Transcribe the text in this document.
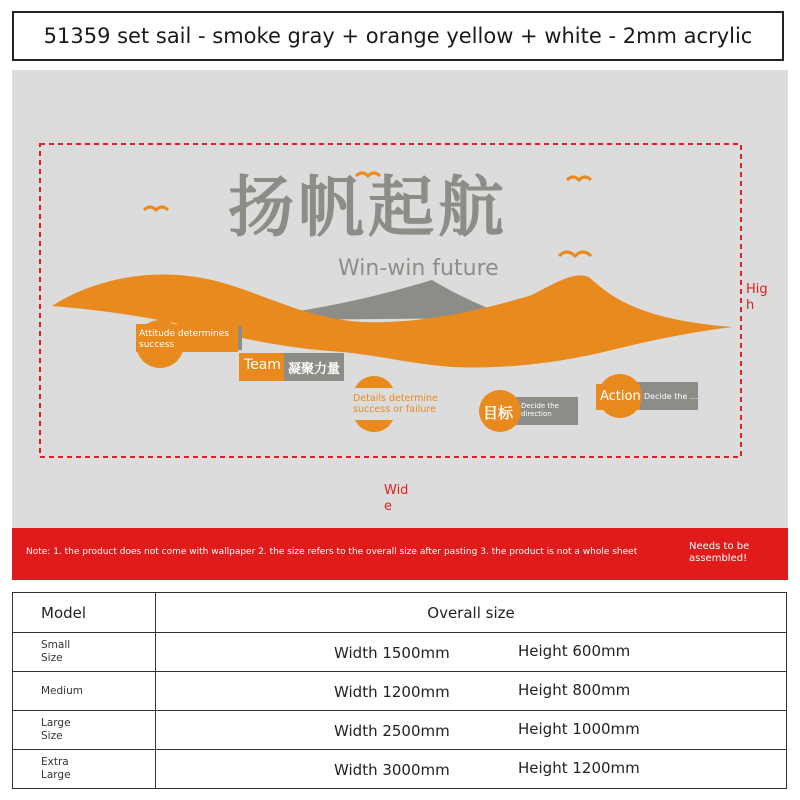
51359 set sail - smoke gray + orange yellow + white - 2mm acrylic
扬帆起航
Win-win future
Attitude determines success
Team 凝聚力量
Details determine success or failure	目标 Decide the direction
Action Decide the ...
High
Wide
Note: 1. the product does not come with wallpaper 2. the size refers to the overall size after pasting 3. the product is not a whole sheet	Needs to be assembled!
Model	Overall size

Small Size	Width 1500mm Height 600mm

Medium	Width 1200mm Height 800mm

Large Size	Width 2500mm Height 1000mm

Extra Large	Width 3000mm Height 1200mm
